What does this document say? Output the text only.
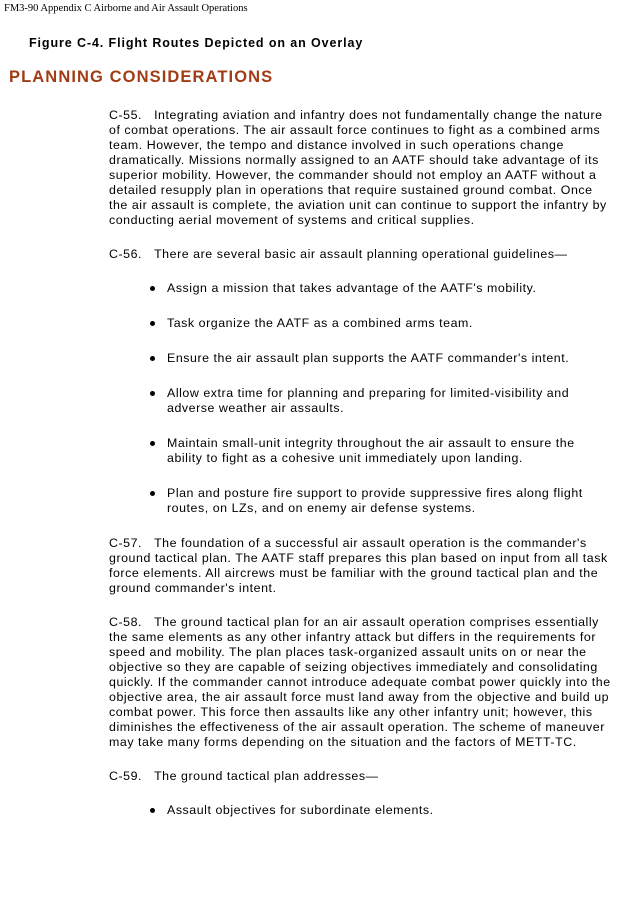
FM3-90 Appendix C Airborne and Air Assault Operations
Figure C-4. Flight Routes Depicted on an Overlay
PLANNING CONSIDERATIONS

C-55. Integrating aviation and infantry does not fundamentally change the nature of combat operations. The air assault force continues to fight as a combined arms team. However, the tempo and distance involved in such operations change dramatically. Missions normally assigned to an AATF should take advantage of its superior mobility. However, the commander should not employ an AATF without a detailed resupply plan in operations that require sustained ground combat. Once the air assault is complete, the aviation unit can continue to support the infantry by conducting aerial movement of systems and critical supplies.

C-56. There are several basic air assault planning operational guidelines—

Assign a mission that takes advantage of the AATF's mobility.
Task organize the AATF as a combined arms team.
Ensure the air assault plan supports the AATF commander's intent.
Allow extra time for planning and preparing for limited-visibility and adverse weather air assaults.
Maintain small-unit integrity throughout the air assault to ensure the ability to fight as a cohesive unit immediately upon landing.
Plan and posture fire support to provide suppressive fires along flight routes, on LZs, and on enemy air defense systems.

C-57. The foundation of a successful air assault operation is the commander's ground tactical plan. The AATF staff prepares this plan based on input from all task force elements. All aircrews must be familiar with the ground tactical plan and the ground commander's intent.

C-58. The ground tactical plan for an air assault operation comprises essentially the same elements as any other infantry attack but differs in the requirements for speed and mobility. The plan places task-organized assault units on or near the objective so they are capable of seizing objectives immediately and consolidating quickly. If the commander cannot introduce adequate combat power quickly into the objective area, the air assault force must land away from the objective and build up combat power. This force then assaults like any other infantry unit; however, this diminishes the effectiveness of the air assault operation. The scheme of maneuver may take many forms depending on the situation and the factors of METT-TC.

C-59. The ground tactical plan addresses—

Assault objectives for subordinate elements.
